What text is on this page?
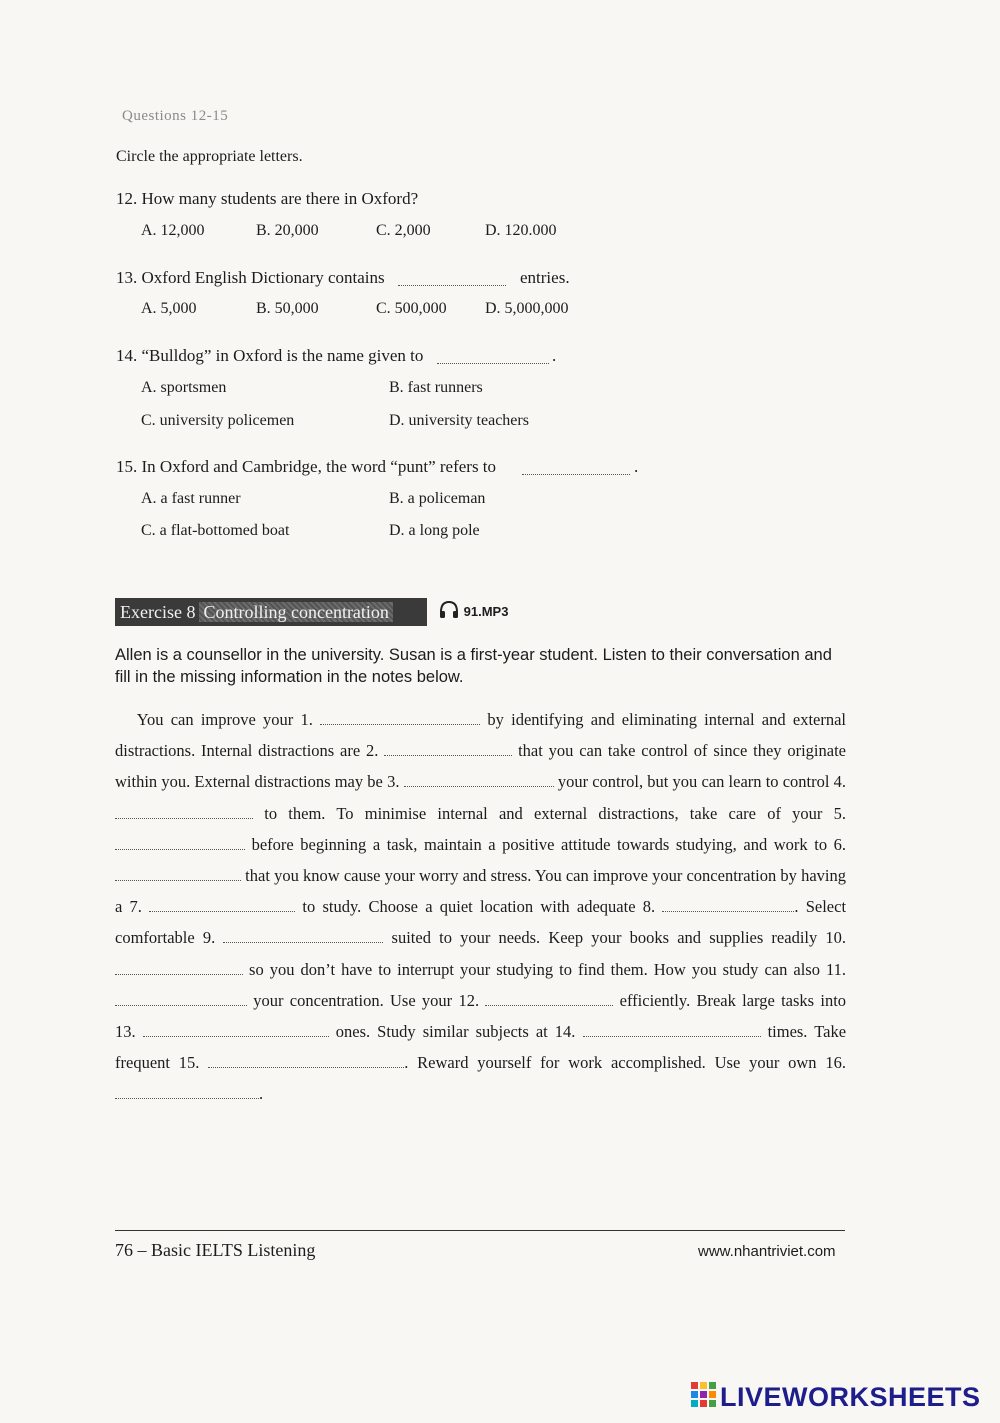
Questions 12-15
Circle the appropriate letters.
12. How many students are there in Oxford?
A. 12,000	B. 20,000	C. 2,000	D. 120.000
13. Oxford English Dictionary contains	entries.
A. 5,000	B. 50,000	C. 500,000 D. 5,000,000
14. “Bulldog” in Oxford is the name given to	.
A. sportsmen	B. fast runners
C. university policemen	D. university teachers
15. In Oxford and Cambridge, the word “punt” refers to	.
A. a fast runner	B. a policeman
C. a flat-bottomed boat	D. a long pole
Exercise 8 Controlling concentration	91.MP3
Allen is a counsellor in the university. Susan is a first-year student. Listen to their conversation and fill in the missing information in the notes below.
You can improve your 1.	by identifying and eliminating internal and external distractions. Internal distractions are 2.	that you can take control of since they originate within you. External distractions may be 3.	your control, but you can learn to control 4.  to them. To minimise internal and external distractions, take care of your 5.  before beginning a task, maintain a positive attitude towards studying, and work to 6.  that you know cause your worry and stress. You can improve your concentration by having a 7.	to study. Choose a quiet location with adequate 8.	. Select comfortable 9.	suited to your needs. Keep your books and supplies readily 10.  so you don’t have to interrupt your studying to find them. How you study can also 11.  your concentration. Use your 12.	efficiently. Break large tasks into 13.	ones. Study similar subjects at 14.	times. Take frequent 15.	. Reward yourself for work accomplished. Use your own 16. .
76 – Basic IELTS Listening	www.nhantriviet.com
LIVEWORKSHEETS
